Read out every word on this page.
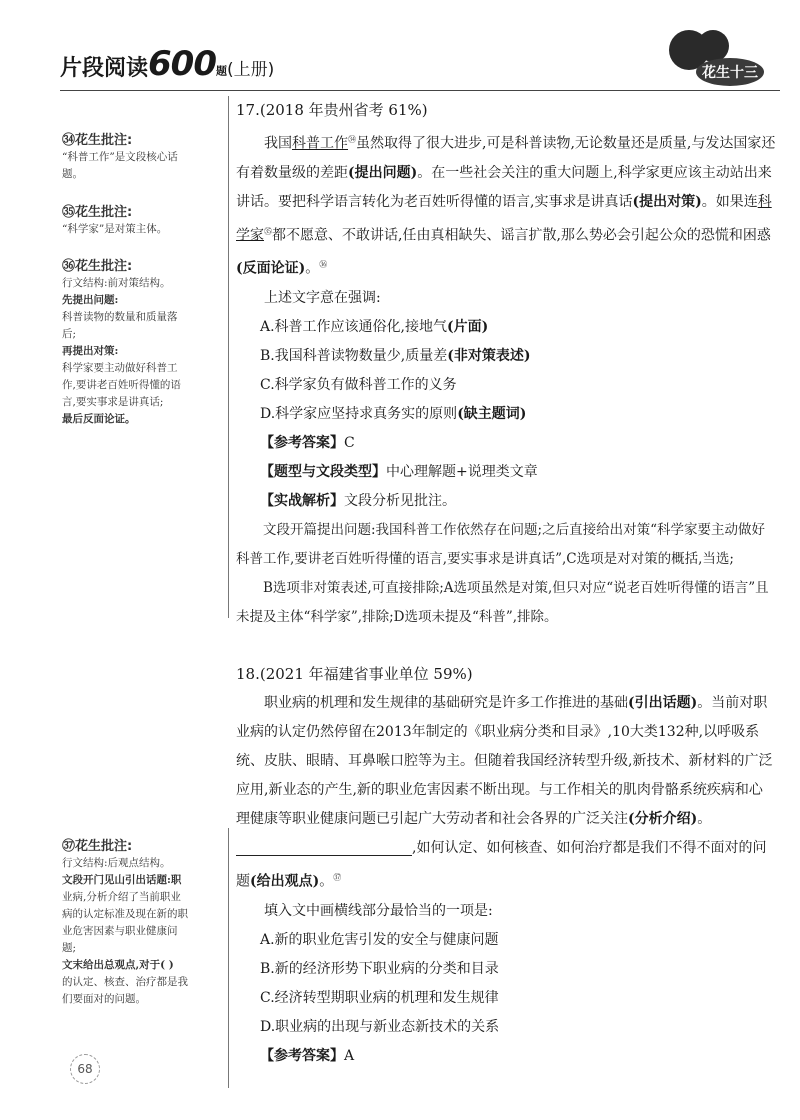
片段阅读600题(上册)	花生十三
㉞花生批注:
“科普工作”是文段核心话
题。
㉟花生批注:
“科学家”是对策主体。
㊱花生批注:
行文结构:前对策结构。
先提出问题:
科普读物的数量和质量落
后;
再提出对策:
科学家要主动做好科普工
作,要讲老百姓听得懂的语
言,要实事求是讲真话;
最后反面论证。
㊲花生批注:
行文结构:后观点结构。
文段开门见山引出话题:职
业病,分析介绍了当前职业
病的认定标准及现在新的职
业危害因素与职业健康问
题;
文末给出总观点,对于( )
的认定、核查、治疗都是我
们要面对的问题。
17.(2018 年贵州省考 61%)

我国科普工作$^㉞$虽然取得了很大进步,可是科普读物,无论数量还是质量,与发达国家还有着数量级的差距(提出问题)。在一些社会关注的重大问题上,科学家更应该主动站出来讲话。要把科学语言转化为老百姓听得懂的语言,实事求是讲真话(提出对策)。如果连科学家$^㉟$都不愿意、不敢讲话,任由真相缺失、谣言扩散,那么势必会引起公众的恐慌和困惑(反面论证)。$^㊱$

上述文字意在强调:

A.科普工作应该通俗化,接地气(片面)

B.我国科普读物数量少,质量差(非对策表述)

C.科学家负有做科普工作的义务

D.科学家应坚持求真务实的原则(缺主题词)

【参考答案】C

【题型与文段类型】中心理解题+说理类文章

【实战解析】文段分析见批注。

文段开篇提出问题:我国科普工作依然存在问题;之后直接给出对策“科学家要主动做好科普工作,要讲老百姓听得懂的语言,要实事求是讲真话”,C选项是对对策的概括,当选;

B选项非对策表述,可直接排除;A选项虽然是对策,但只对应“说老百姓听得懂的语言”且未提及主体“科学家”,排除;D选项未提及“科普”,排除。

18.(2021 年福建省事业单位 59%)

职业病的机理和发生规律的基础研究是许多工作推进的基础(引出话题)。当前对职业病的认定仍然停留在2013年制定的《职业病分类和目录》,10大类132种,以呼吸系统、皮肤、眼睛、耳鼻喉口腔等为主。但随着我国经济转型升级,新技术、新材料的广泛应用,新业态的产生,新的职业危害因素不断出现。与工作相关的肌肉骨骼系统疾病和心理健康等职业健康问题已引起广大劳动者和社会各界的广泛关注(分析介绍)。,如何认定、如何核查、如何治疗都是我们不得不面对的问题(给出观点)。$^㊲$

填入文中画横线部分最恰当的一项是:

A.新的职业危害引发的安全与健康问题

B.新的经济形势下职业病的分类和目录

C.经济转型期职业病的机理和发生规律

D.职业病的出现与新业态新技术的关系

【参考答案】A

68
